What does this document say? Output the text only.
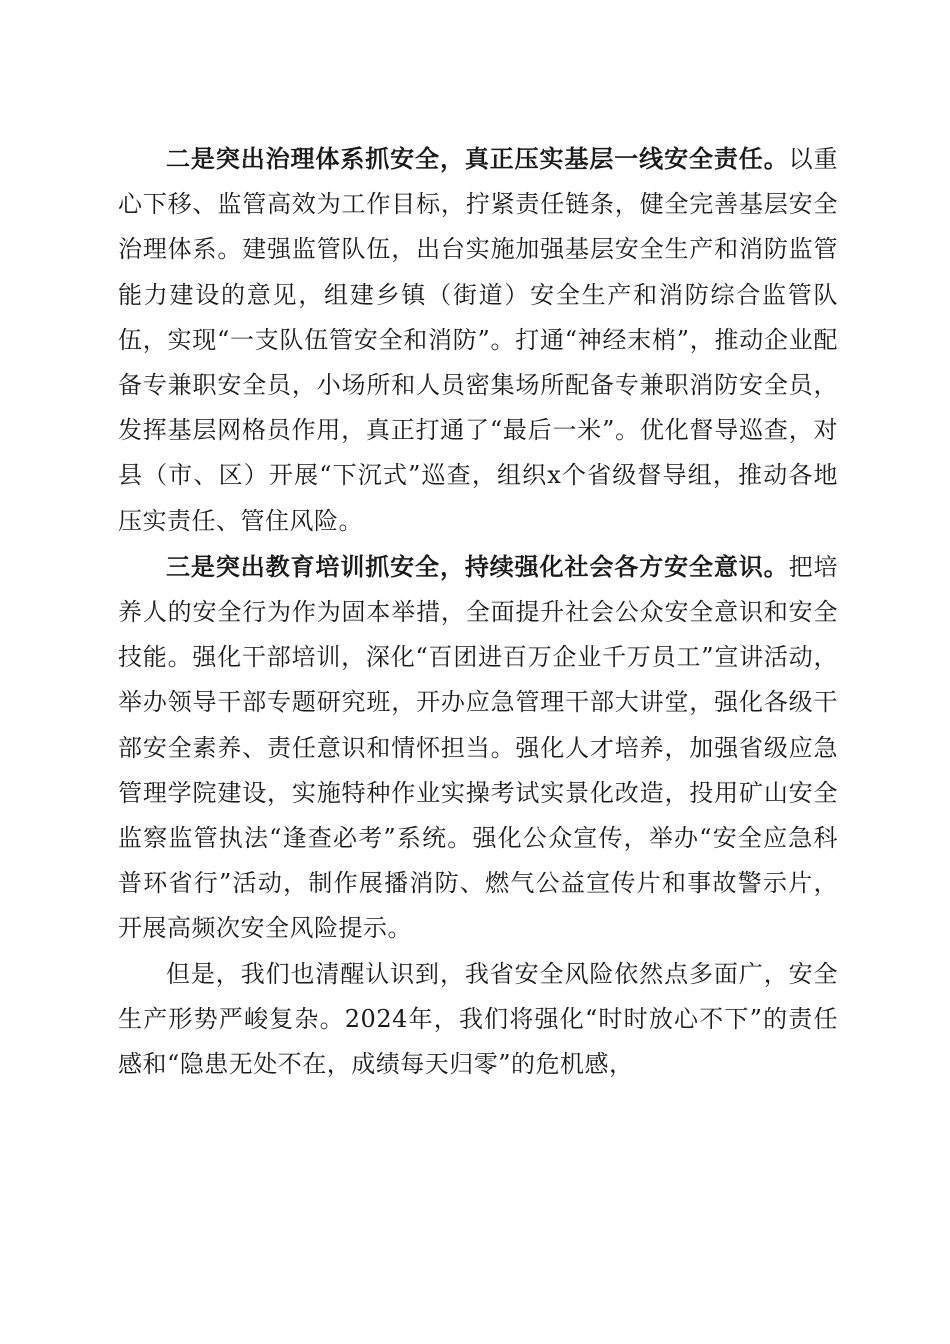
二是突出治理体系抓安全，真正压实基层一线安全责任。以重心下移、监管高效为工作目标，拧紧责任链条，健全完善基层安全治理体系。建强监管队伍，出台实施加强基层安全生产和消防监管能力建设的意见，组建乡镇（街道）安全生产和消防综合监管队伍，实现“一支队伍管安全和消防”。打通“神经末梢”，推动企业配备专兼职安全员，小场所和人员密集场所配备专兼职消防安全员，发挥基层网格员作用，真正打通了“最后一米”。优化督导巡查，对县（市、区）开展“下沉式”巡查，组织x个省级督导组，推动各地压实责任、管住风险。

三是突出教育培训抓安全，持续强化社会各方安全意识。把培养人的安全行为作为固本举措，全面提升社会公众安全意识和安全技能。强化干部培训，深化“百团进百万企业千万员工”宣讲活动，举办领导干部专题研究班，开办应急管理干部大讲堂，强化各级干部安全素养、责任意识和情怀担当。强化人才培养，加强省级应急管理学院建设，实施特种作业实操考试实景化改造，投用矿山安全监察监管执法“逢查必考”系统。强化公众宣传，举办“安全应急科普环省行”活动，制作展播消防、燃气公益宣传片和事故警示片，开展高频次安全风险提示。

但是，我们也清醒认识到，我省安全风险依然点多面广，安全生产形势严峻复杂。2024年，我们将强化“时时放心不下”的责任感和“隐患无处不在，成绩每天归零”的危机感，
